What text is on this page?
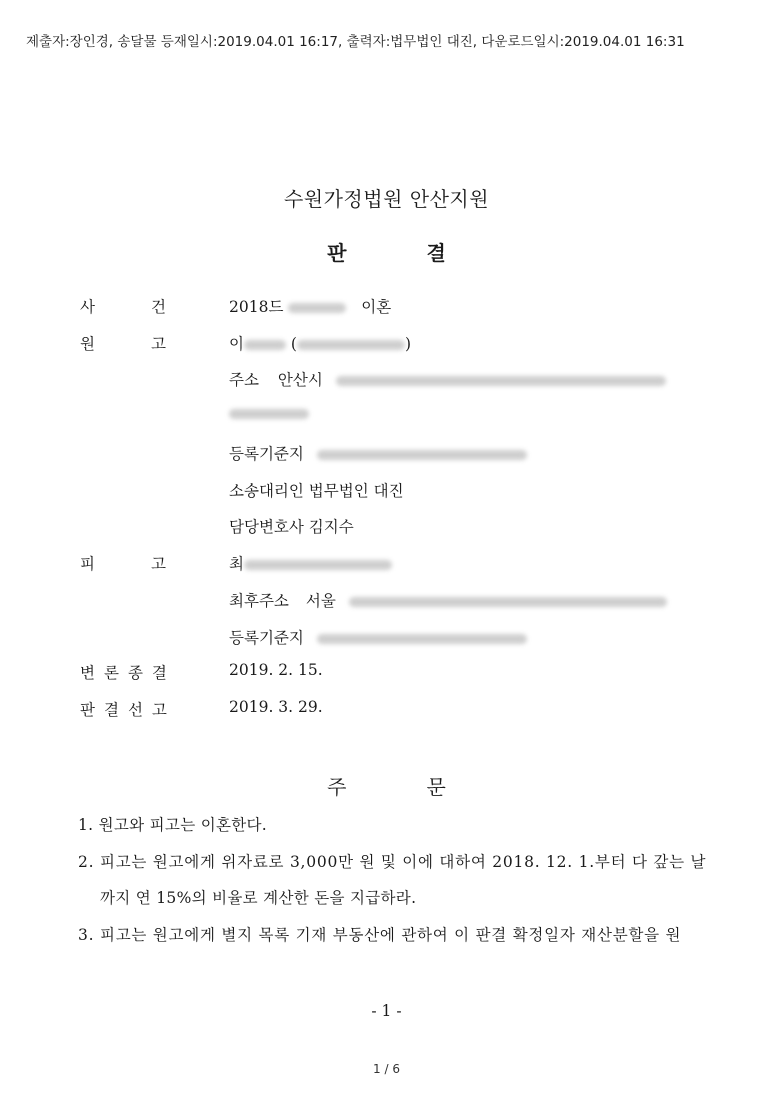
제출자:장인경, 송달물 등재일시:2019.04.01 16:17, 출력자:법무법인 대진, 다운로드일시:2019.04.01 16:31
수원가정법원 안산지원
판	결
사	건	2018드	이혼
원	고	이	(	)
주소 안산시
등록기준지
소송대리인 법무법인 대진
담당변호사 김지수
피	고	최
최후주소 서울
등록기준지
변론종결	2019. 2. 15.
판결선고	2019. 3. 29.
주	문
1. 원고와 피고는 이혼한다.
2. 피고는 원고에게 위자료로 3,000만 원 및 이에 대하여 2018. 12. 1.부터 다 갚는 날
까지 연 15%의 비율로 계산한 돈을 지급하라.
3. 피고는 원고에게 별지 목록 기재 부동산에 관하여 이 판결 확정일자 재산분할을 원
- 1 -
1 / 6
